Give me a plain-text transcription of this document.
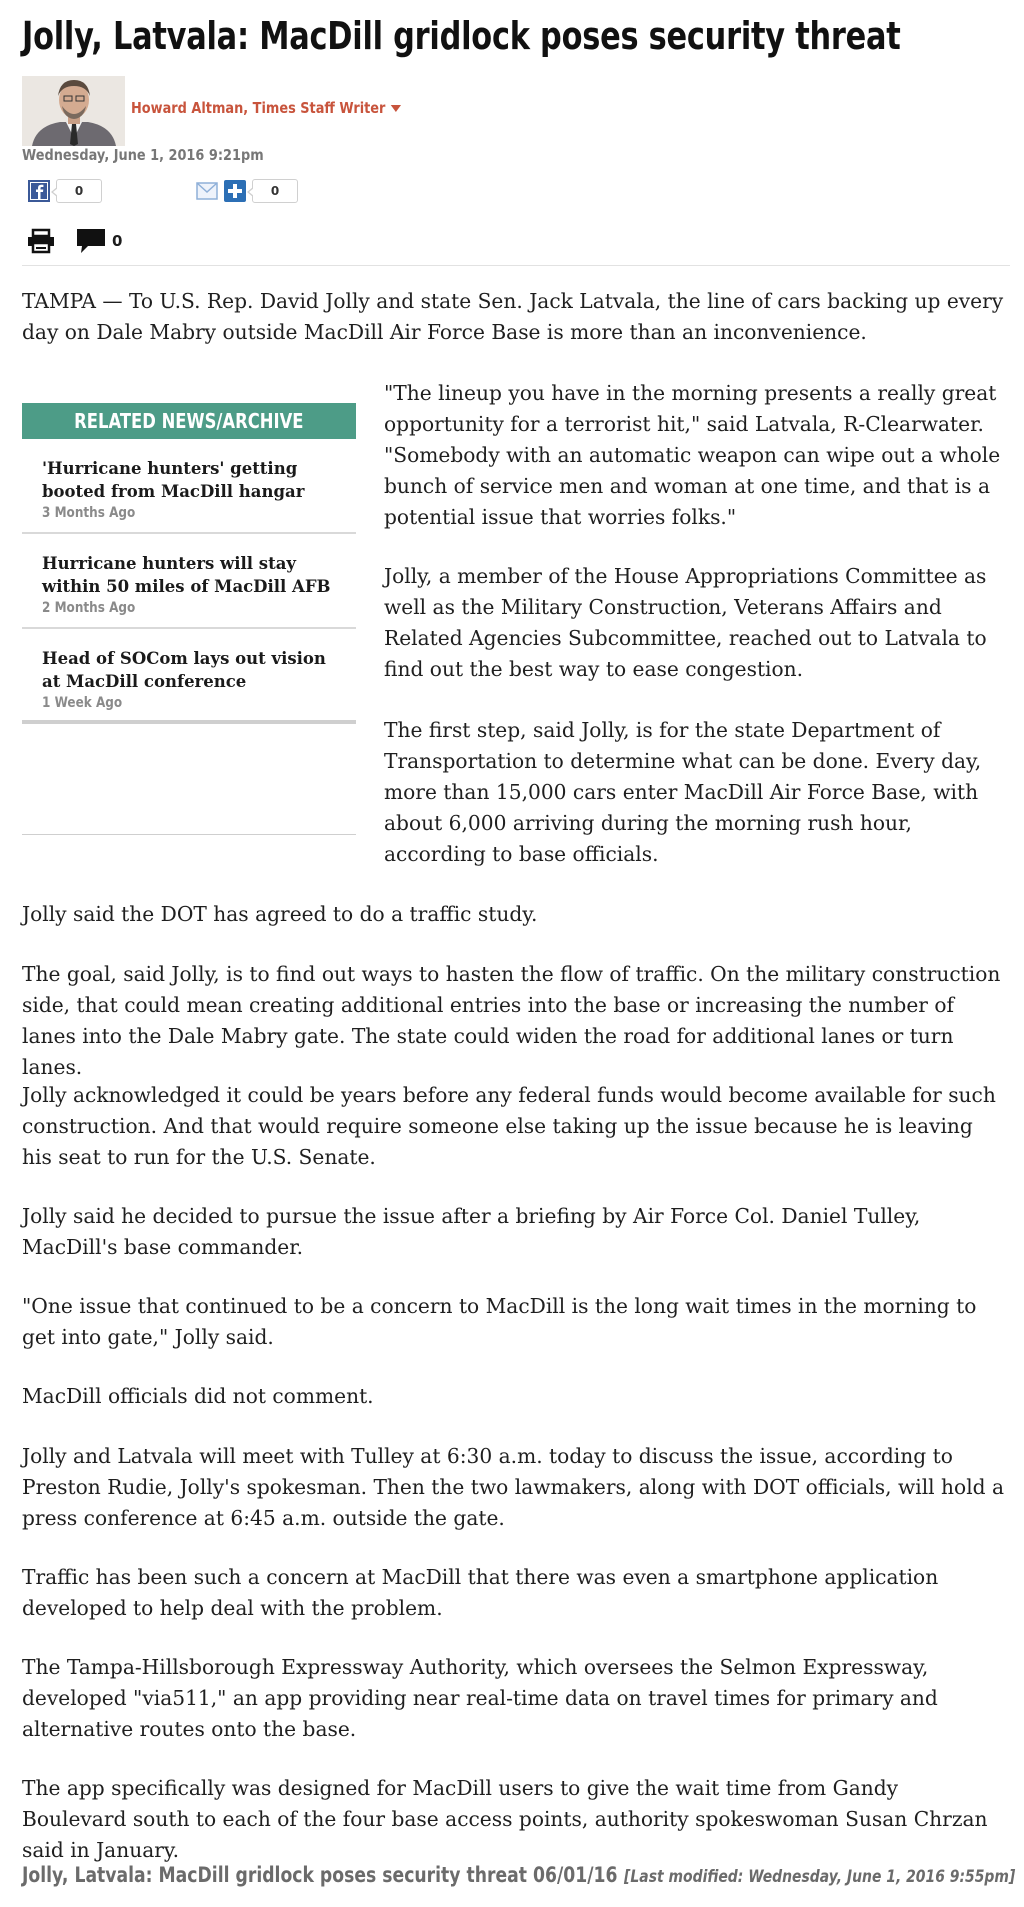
Jolly, Latvala: MacDill gridlock poses security threat
Howard Altman, Times Staff Writer
Wednesday, June 1, 2016 9:21pm
0	0
0

TAMPA — To U.S. Rep. David Jolly and state Sen. Jack Latvala, the line of cars backing up every day on Dale Mabry outside MacDill Air Force Base is more than an inconvenience.

RELATED NEWS/ARCHIVE
'Hurricane hunters' getting booted from MacDill hangar
3 Months Ago
Hurricane hunters will stay within 50 miles of MacDill AFB
2 Months Ago
Head of SOCom lays out vision at MacDill conference
1 Week Ago

"The lineup you have in the morning presents a really great opportunity for a terrorist hit," said Latvala, R-Clearwater. "Somebody with an automatic weapon can wipe out a whole bunch of service men and woman at one time, and that is a potential issue that worries folks."

Jolly, a member of the House Appropriations Committee as well as the Military Construction, Veterans Affairs and Related Agencies Subcommittee, reached out to Latvala to find out the best way to ease congestion.

The first step, said Jolly, is for the state Department of Transportation to determine what can be done. Every day, more than 15,000 cars enter MacDill Air Force Base, with about 6,000 arriving during the morning rush hour, according to base officials.

Jolly said the DOT has agreed to do a traffic study.

The goal, said Jolly, is to find out ways to hasten the flow of traffic. On the military construction side, that could mean creating additional entries into the base or increasing the number of lanes into the Dale Mabry gate. The state could widen the road for additional lanes or turn lanes.

Jolly acknowledged it could be years before any federal funds would become available for such construction. And that would require someone else taking up the issue because he is leaving his seat to run for the U.S. Senate.

Jolly said he decided to pursue the issue after a briefing by Air Force Col. Daniel Tulley, MacDill's base commander.

"One issue that continued to be a concern to MacDill is the long wait times in the morning to get into gate," Jolly said.

MacDill officials did not comment.

Jolly and Latvala will meet with Tulley at 6:30 a.m. today to discuss the issue, according to Preston Rudie, Jolly's spokesman. Then the two lawmakers, along with DOT officials, will hold a press conference at 6:45 a.m. outside the gate.

Traffic has been such a concern at MacDill that there was even a smartphone application developed to help deal with the problem.

The Tampa-Hillsborough Expressway Authority, which oversees the Selmon Expressway, developed "via511," an app providing near real-time data on travel times for primary and alternative routes onto the base.

The app specifically was designed for MacDill users to give the wait time from Gandy Boulevard south to each of the four base access points, authority spokeswoman Susan Chrzan said in January.

Jolly, Latvala: MacDill gridlock poses security threat 06/01/16 [Last modified: Wednesday, June 1, 2016 9:55pm]
